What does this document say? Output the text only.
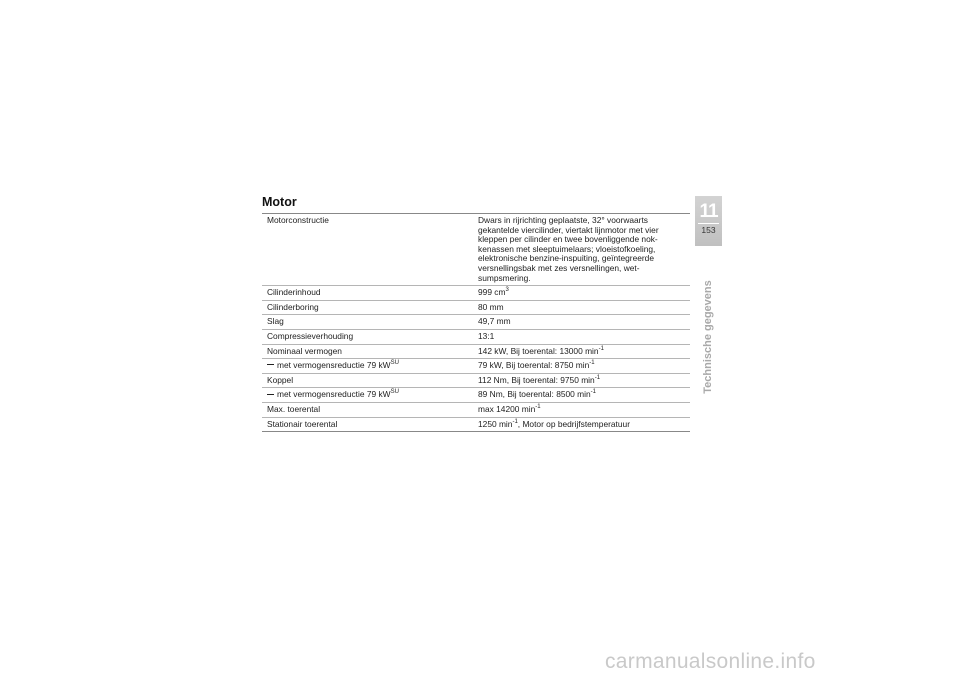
Motor
Motorconstructie	Dwars in rijrichting geplaatste, 32° voorwaarts gekantelde viercilinder, viertakt lijnmotor met vier kleppen per cilinder en twee bovenliggende nok-kenassen met sleeptuimelaars; vloeistofkoeling, elektronische benzine-inspuiting, geïntegreerde versnellingsbak met zes versnellingen, wet-sumpsmering.
Cilinderinhoud	999 $cm^3$
Cilinderboring	80 mm
Slag	49,7 mm
Compressieverhouding	13:1
Nominaal vermogen	142 kW, Bij toerental: 13000 $\min^{-1}$
met vermogensreductie 79 $kW^{SU}$	79 kW, Bij toerental: 8750 $\min^{-1}$
Koppel	112 Nm, Bij toerental: 9750 $\min^{-1}$
met vermogensreductie 79 $kW^{SU}$	89 Nm, Bij toerental: 8500 $\min^{-1}$
Max. toerental	max 14200 $\min^{-1}$
Stationair toerental	1250 $\min^{-1}$, Motor op bedrijfstemperatuur
11
153
Technische gegevens
carmanualsonline.info
